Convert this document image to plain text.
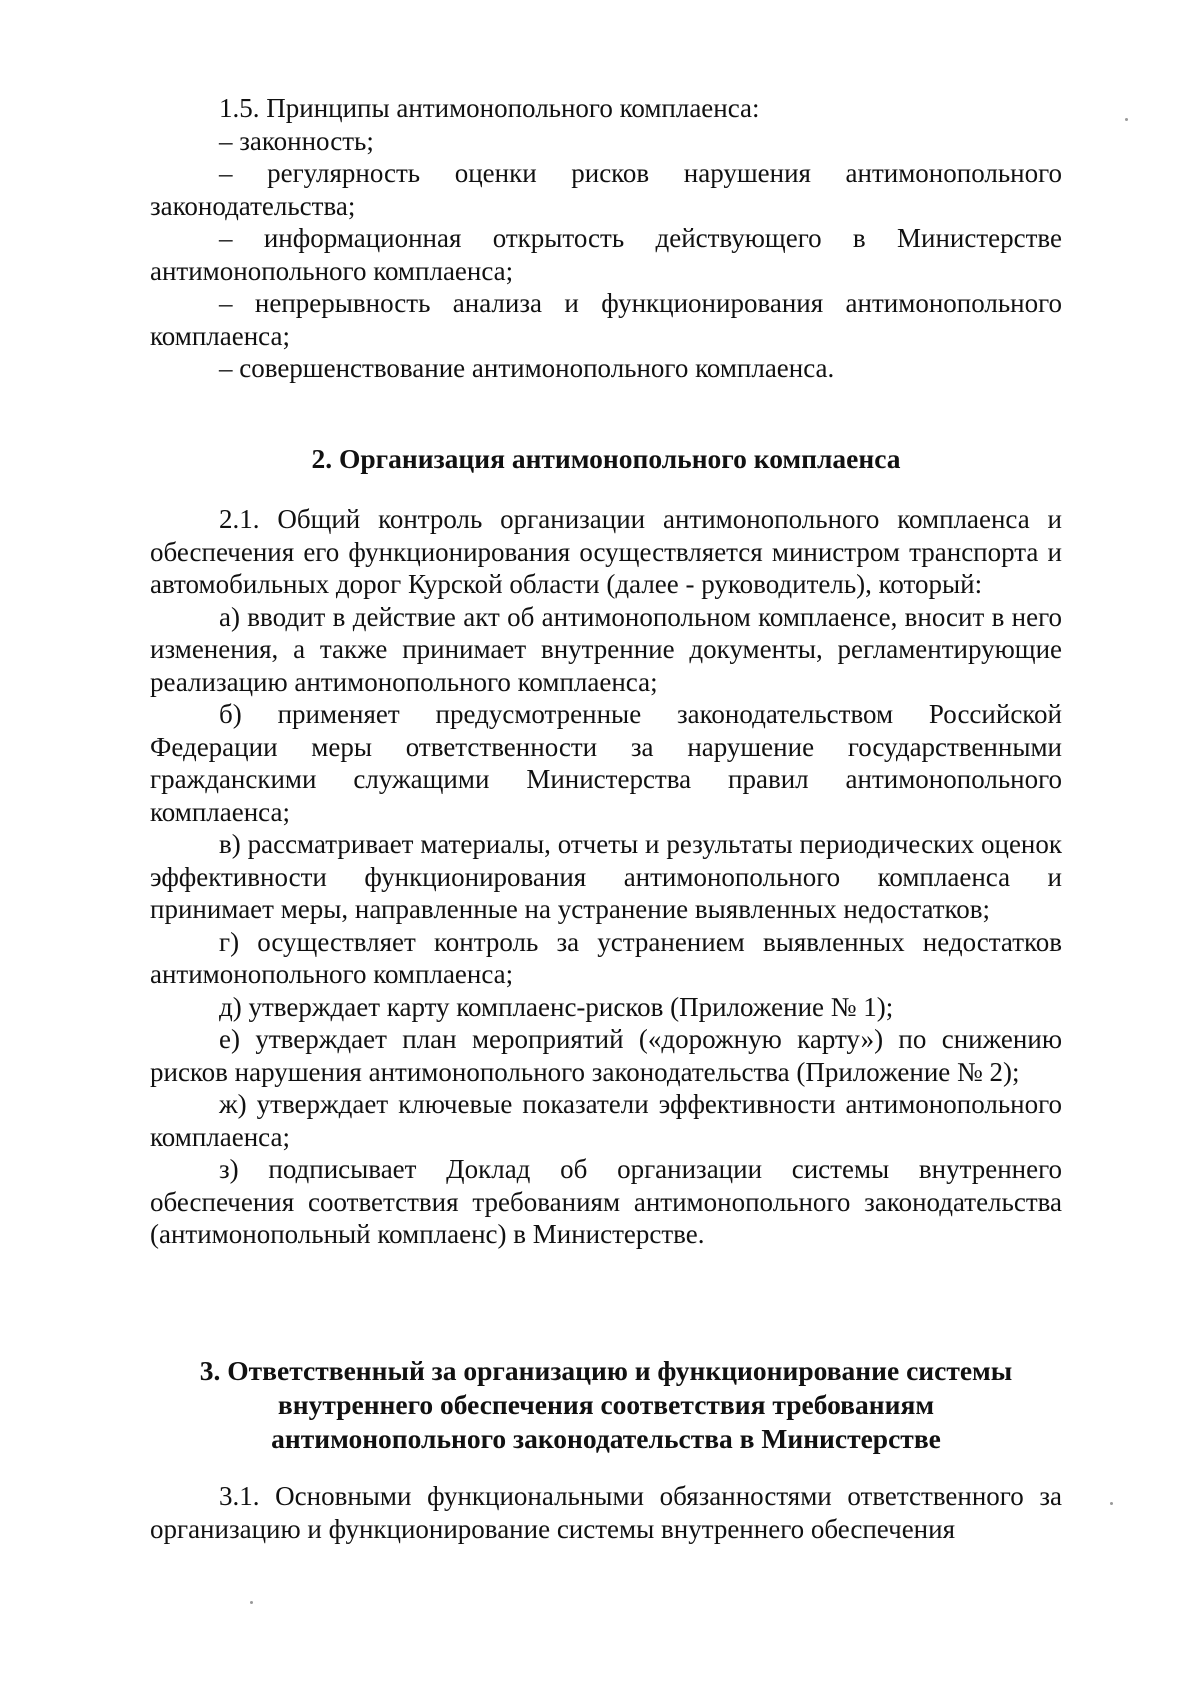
1.5. Принципы антимонопольного комплаенса:

– законность;

– регулярность оценки рисков нарушения антимонопольного законодательства;

– информационная открытость действующего в Министерстве антимонопольного комплаенса;

– непрерывность анализа и функционирования антимонопольного комплаенса;

– совершенствование антимонопольного комплаенса.

2. Организация антимонопольного комплаенса

2.1. Общий контроль организации антимонопольного комплаенса и обеспечения его функционирования осуществляется министром транспорта и автомобильных дорог Курской области (далее - руководитель), который:

а) вводит в действие акт об антимонопольном комплаенсе, вносит в него изменения, а также принимает внутренние документы, регламентирующие реализацию антимонопольного комплаенса;

б) применяет предусмотренные законодательством Российской Федерации меры ответственности за нарушение государственными гражданскими служащими Министерства правил антимонопольного комплаенса;

в) рассматривает материалы, отчеты и результаты периодических оценок эффективности функционирования антимонопольного комплаенса и принимает меры, направленные на устранение выявленных недостатков;

г) осуществляет контроль за устранением выявленных недостатков антимонопольного комплаенса;

д) утверждает карту комплаенс-рисков (Приложение № 1);

е) утверждает план мероприятий («дорожную карту») по снижению рисков нарушения антимонопольного законодательства (Приложение № 2);

ж) утверждает ключевые показатели эффективности антимонопольного комплаенса;

з) подписывает Доклад об организации системы внутреннего обеспечения соответствия требованиям антимонопольного законодательства (антимонопольный комплаенс) в Министерстве.

3. Ответственный за организацию и функционирование системы внутреннего обеспечения соответствия требованиям антимонопольного законодательства в Министерстве

3.1. Основными функциональными обязанностями ответственного за организацию и функционирование системы внутреннего обеспечения
